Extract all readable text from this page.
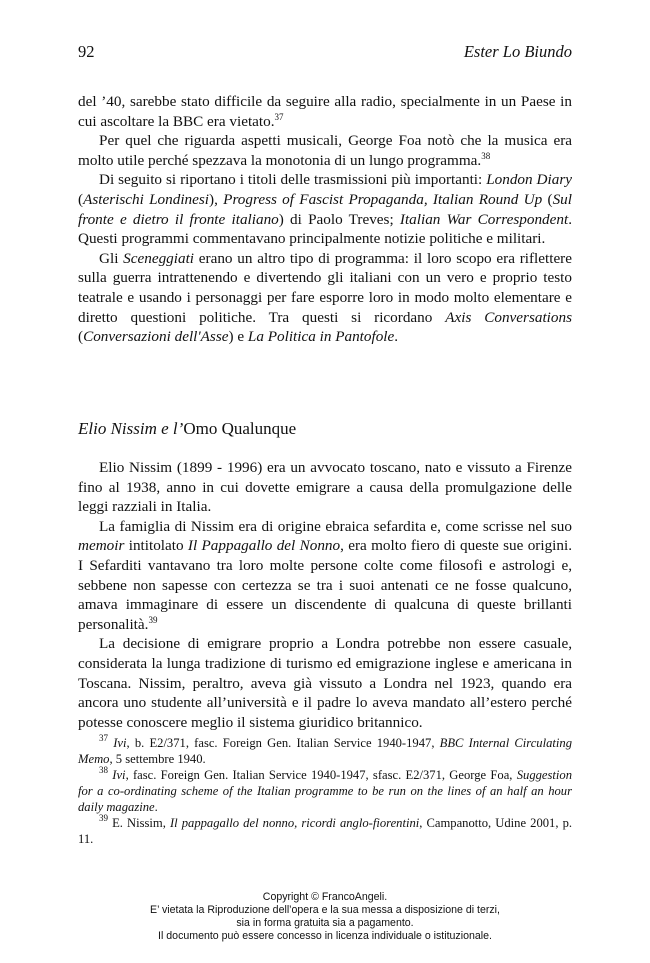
92	Ester Lo Biundo

del ’40, sarebbe stato difficile da seguire alla radio, specialmente in un Paese in cui ascoltare la BBC era vietato.$^{37}$

Per quel che riguarda aspetti musicali, George Foa notò che la musica era molto utile perché spezzava la monotonia di un lungo programma.$^{38}$

Di seguito si riportano i titoli delle trasmissioni più importanti: London Diary (Asterischi Londinesi), Progress of Fascist Propaganda, Italian Round Up (Sul fronte e dietro il fronte italiano) di Paolo Treves; Italian War Correspondent. Questi programmi commentavano principalmente notizie politiche e militari.

Gli Sceneggiati erano un altro tipo di programma: il loro scopo era riflettere sulla guerra intrattenendo e divertendo gli italiani con un vero e proprio testo teatrale e usando i personaggi per fare esporre loro in modo molto elementare e diretto questioni politiche. Tra questi si ricordano Axis Conversations (Conversazioni dell'Asse) e La Politica in Pantofole.

Elio Nissim e l’Omo Qualunque

Elio Nissim (1899 - 1996) era un avvocato toscano, nato e vissuto a Firenze fino al 1938, anno in cui dovette emigrare a causa della promulgazione delle leggi razziali in Italia.

La famiglia di Nissim era di origine ebraica sefardita e, come scrisse nel suo memoir intitolato Il Pappagallo del Nonno, era molto fiero di queste sue origini. I Sefarditi vantavano tra loro molte persone colte come filosofi e astrologi e, sebbene non sapesse con certezza se tra i suoi antenati ce ne fosse qualcuno, amava immaginare di essere un discendente di qualcuna di queste brillanti personalità.$^{39}$

La decisione di emigrare proprio a Londra potrebbe non essere casuale, considerata la lunga tradizione di turismo ed emigrazione inglese e americana in Toscana. Nissim, peraltro, aveva già vissuto a Londra nel 1923, quando era ancora uno studente all’università e il padre lo aveva mandato all’estero perché potesse conoscere meglio il sistema giuridico britannico.

$^{37}$ Ivi, b. E2/371, fasc. Foreign Gen. Italian Service 1940-1947, BBC Internal Circulating Memo, 5 settembre 1940.

$^{38}$ Ivi, fasc. Foreign Gen. Italian Service 1940-1947, sfasc. E2/371, George Foa, Suggestion for a co-ordinating scheme of the Italian programme to be run on the lines of an half an hour daily magazine.

$^{39}$ E. Nissim, Il pappagallo del nonno, ricordi anglo-fiorentini, Campanotto, Udine 2001, p. 11.

Copyright © FrancoAngeli.
E’ vietata la Riproduzione dell’opera e la sua messa a disposizione di terzi,
sia in forma gratuita sia a pagamento.
Il documento può essere concesso in licenza individuale o istituzionale.
